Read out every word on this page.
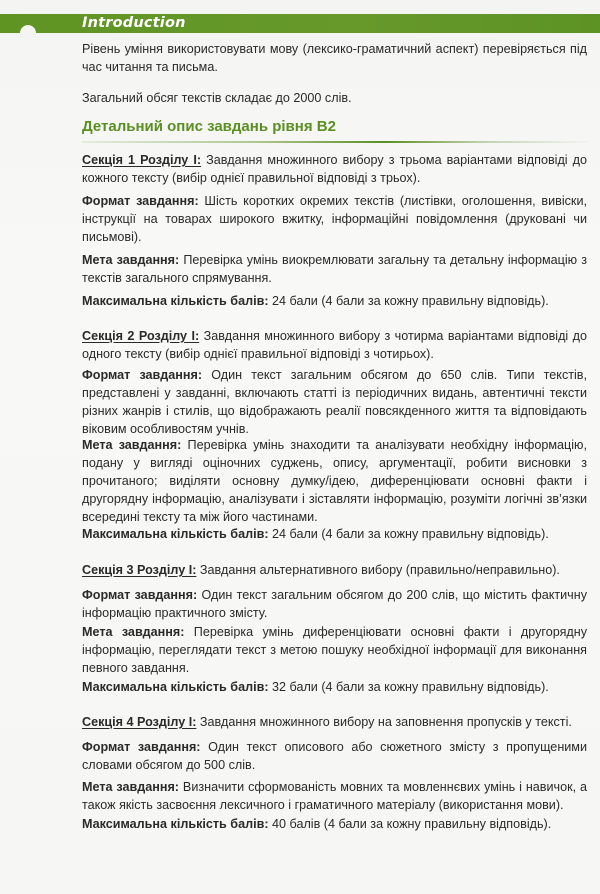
Introduction

Рівень уміння використовувати мову (лексико-граматичний аспект) перевіряється під час читання та письма.

Загальний обсяг текстів складає до 2000 слів.

Детальний опис завдань рівня B2

Секція 1 Розділу І: Завдання множинного вибору з трьома варіантами відповіді до кожного тексту (вибір однієї правильної відповіді з трьох).

Формат завдання: Шість коротких окремих текстів (листівки, оголошення, вивіски, інструкції на товарах широкого вжитку, інформаційні повідомлення (друковані чи письмові).

Мета завдання: Перевірка умінь виокремлювати загальну та детальну інформацію з текстів загального спрямування.

Максимальна кількість балів: 24 бали (4 бали за кожну правильну відповідь).

Секція 2 Розділу І: Завдання множинного вибору з чотирма варіантами відповіді до одного тексту (вибір однієї правильної відповіді з чотирьох).

Формат завдання: Один текст загальним обсягом до 650 слів. Типи текстів, представлені у завданні, включають статті із періодичних видань, автентичні тексти різних жанрів і стилів, що відображають реалії повсякденного життя та відповідають віковим особливостям учнів.

Мета завдання: Перевірка умінь знаходити та аналізувати необхідну інформацію, подану у вигляді оціночних суджень, опису, аргументації, робити висновки з прочитаного; виділяти основну думку/ідею, диференціювати основні факти і другорядну інформацію, аналізувати і зіставляти інформацію, розуміти логічні зв’язки всередині тексту та між його частинами.

Максимальна кількість балів: 24 бали (4 бали за кожну правильну відповідь).

Секція 3 Розділу І: Завдання альтернативного вибору (правильно/неправильно).

Формат завдання: Один текст загальним обсягом до 200 слів, що містить фактичну інформацію практичного змісту.

Мета завдання: Перевірка умінь диференціювати основні факти і другорядну інформацію, переглядати текст з метою пошуку необхідної інформації для виконання певного завдання.

Максимальна кількість балів: 32 бали (4 бали за кожну правильну відповідь).

Секція 4 Розділу І: Завдання множинного вибору на заповнення пропусків у тексті.

Формат завдання: Один текст описового або сюжетного змісту з пропущеними словами обсягом до 500 слів.

Мета завдання: Визначити сформованість мовних та мовленнєвих умінь і навичок, а також якість засвоєння лексичного і граматичного матеріалу (використання мови).

Максимальна кількість балів: 40 балів (4 бали за кожну правильну відповідь).
